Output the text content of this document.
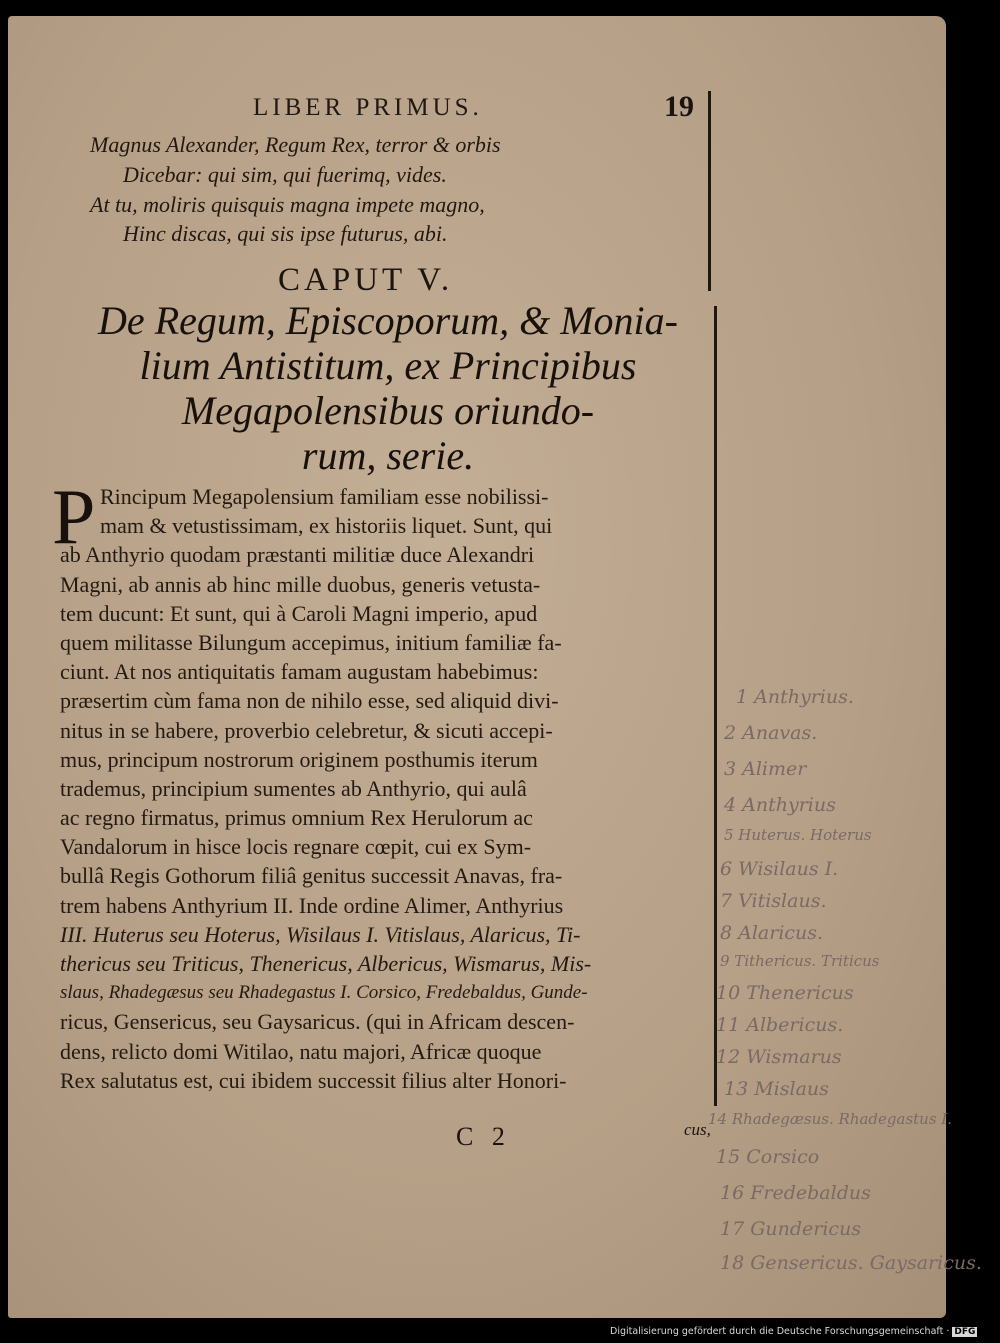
LIBER PRIMUS.	19
Magnus Alexander, Regum Rex, terror & orbis
Dicebar: qui sim, qui fuerimq, vides.
At tu, moliris quisquis magna impete magno,
Hinc discas, qui sis ipse futurus, abi.
CAPUT V.
De Regum, Episcoporum, & Monia-
lium Antistitum, ex Principibus
Megapolensibus oriundo-
rum, serie.
P Rincipum Megapolensium familiam esse nobilissi-
mam & vetustissimam, ex historiis liquet. Sunt, qui
ab Anthyrio quodam præstanti militiæ duce Alexandri
Magni, ab annis ab hinc mille duobus, generis vetusta-
tem ducunt: Et sunt, qui à Caroli Magni imperio, apud
quem militasse Bilungum accepimus, initium familiæ fa-
ciunt. At nos antiquitatis famam augustam habebimus:
præsertim cùm fama non de nihilo esse, sed aliquid divi-
nitus in se habere, proverbio celebretur, & sicuti accepi-
mus, principum nostrorum originem posthumis iterum
trademus, principium sumentes ab Anthyrio, qui aulâ
ac regno firmatus, primus omnium Rex Herulorum ac
Vandalorum in hisce locis regnare cœpit, cui ex Sym-
bullâ Regis Gothorum filiâ genitus successit Anavas, fra-
trem habens Anthyrium II. Inde ordine Alimer, Anthyrius
III. Huterus seu Hoterus, Wisilaus I. Vitislaus, Alaricus, Ti-
thericus seu Triticus, Thenericus, Albericus, Wismarus, Mis-
slaus, Rhadegæsus seu Rhadegastus I. Corsico, Fredebaldus, Gunde-
ricus, Gensericus, seu Gaysaricus. (qui in Africam descen-
dens, relicto domi Witilao, natu majori, Africæ quoque
Rex salutatus est, cui ibidem successit filius alter Honori-
C 2	cus,
1 Anthyrius.
2 Anavas.
3 Alimer
4 Anthyrius
5 Huterus. Hoterus
6 Wisilaus I.
7 Vitislaus.
8 Alaricus.
9 Tithericus. Triticus
10 Thenericus
11 Albericus.
12 Wismarus
13 Mislaus
14 Rhadegæsus. Rhadegastus I.
15 Corsico
16 Fredebaldus
17 Gundericus
18 Gensericus. Gaysaricus.
Digitalisierung gefördert durch die Deutsche Forschungsgemeinschaft · DFG
